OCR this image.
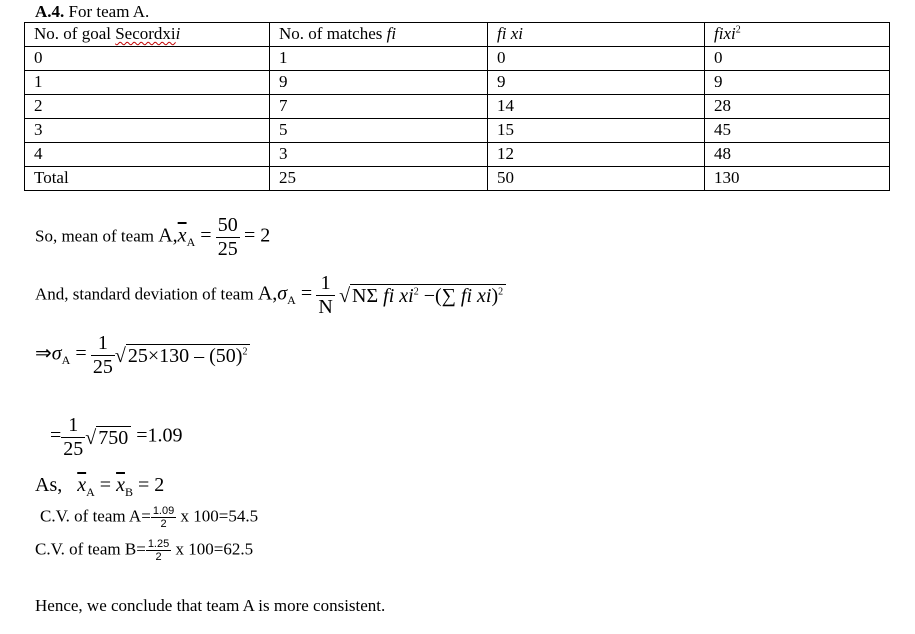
A.4. For team A.
No. of goal Secordxii	No. of matches fi	fi xi	fixi$^2$
0	1	0	0
1	9	9	9
2	7	14	28
3	5	15	45
4	3	12	48
Total	25	50	130
So, mean of team $A,\overline{x}_A = \frac{50}{25} = 2$
And, standard deviation of team $A,\sigma_A = \frac{1}{N}$ √ NΣ fi $xi^2$ −(∑ fi xi)$^2$
$\Rightarrow\sigma_A = \frac{1}{25}$ √ $25\times 130 - (50)^2$
= $\frac{1}{25}$ √ 750 =1.09
As, $\overline{x}_A = \overline{x}_B = 2$
C.V. of team $A= \frac{1.09}{2}$ x 100=54.5
C.V. of team $B= \frac{1.25}{2}$ x 100=62.5
Hence, we conclude that team A is more consistent.
